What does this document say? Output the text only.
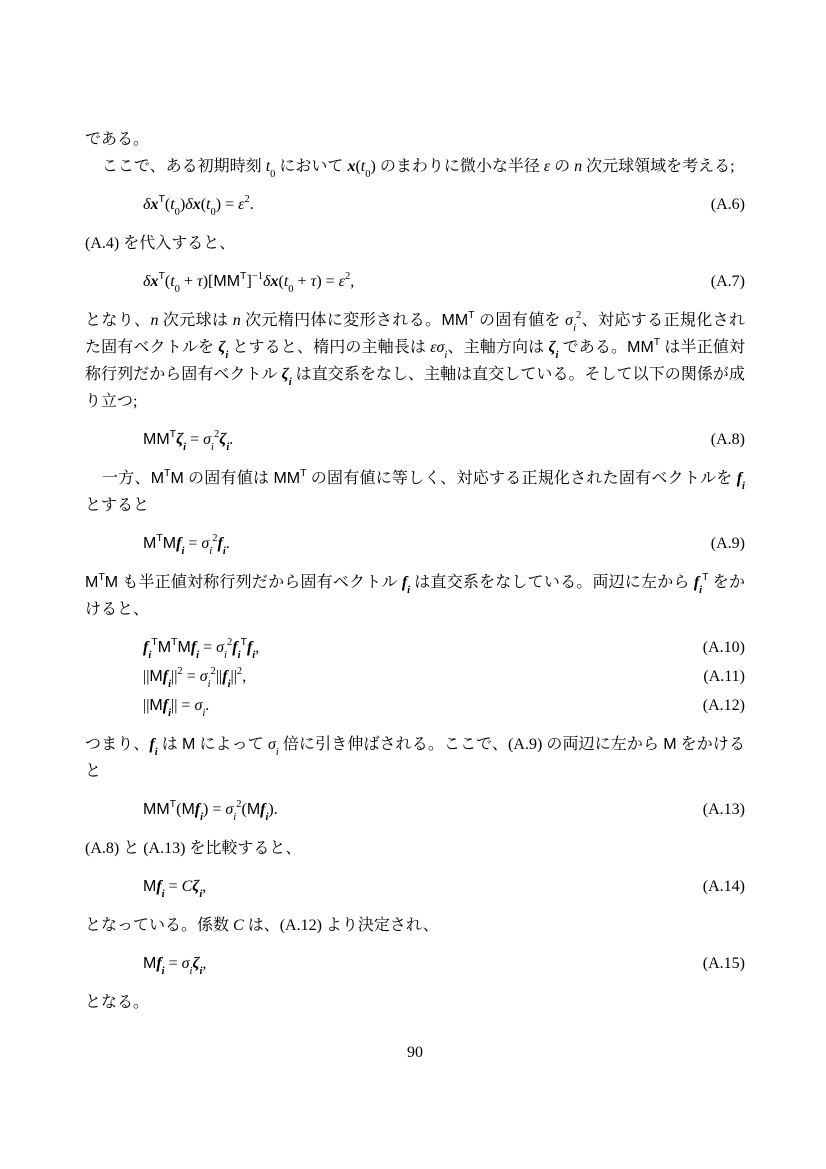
である。

ここで、ある初期時刻 $t_0$ において $x(t_0)$ のまわりに微小な半径 ε の n 次元球領域を考える;

$\delta x^T(t_0)\delta x(t_0) = \varepsilon^2$.	(A.6)

(A.4) を代入すると、

$\delta x^T(t_0 + \tau)[MM^T]^{-1}\delta x(t_0 + \tau) = \varepsilon^2$,	(A.7)

となり、n 次元球は n 次元楕円体に変形される。$MM^T$ の固有値を $\sigma_i^2$、対応する正規化された固有ベクトルを $\zeta_i$ とすると、楕円の主軸長は $\varepsilon\sigma_i$、主軸方向は $\zeta_i$ である。$MM^T$ は半正値対称行列だから固有ベクトル $\zeta_i$ は直交系をなし、主軸は直交している。そして以下の関係が成り立つ;

$MM^T\zeta_i = \sigma_i^2\zeta_i$.	(A.8)

一方、$M^TM$ の固有値は $MM^T$ の固有値に等しく、対応する正規化された固有ベクトルを $f_i$ とすると

$M^TMf_i = \sigma_i^2f_i$.	(A.9)

$M^TM$ も半正値対称行列だから固有ベクトル $f_i$ は直交系をなしている。両辺に左から $f_i^T$ をかけると、

$f_i^TM^TMf_i = \sigma_i^2f_i^Tf_i$,	(A.10)
$||Mf_i||^2 = \sigma_i^2||f_i||^2$,	(A.11)
$||Mf_i|| = \sigma_i$.	(A.12)

つまり、$f_i$ は M によって $\sigma_i$ 倍に引き伸ばされる。ここで、(A.9) の両辺に左から M をかけると

$MM^T(Mf_i) = \sigma_i^2(Mf_i)$.	(A.13)

(A.8) と (A.13) を比較すると、

$Mf_i = C\zeta_i$,	(A.14)

となっている。係数 C は、(A.12) より決定され、

$Mf_i = \sigma_i\zeta_i$,	(A.15)

となる。

90
